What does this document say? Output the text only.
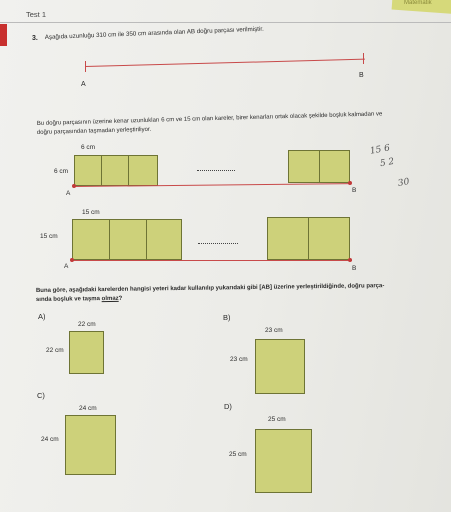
Matematik
Test 1
3. Aşağıda uzunluğu 310 cm ile 350 cm arasında olan AB doğru parçası verilmiştir.
A
B
Bu doğru parçasının üzerine kenar uzunlukları 6 cm ve 15 cm olan kareler, birer kenarları ortak olacak şekilde boşluk kalmadan ve
doğru parçasından taşmadan yerleştiriliyor.
6 cm
6 cm
A	B
15 6
5 2
30
15 cm
15 cm
A	B
Buna göre, aşağıdaki karelerden hangisi yeteri kadar kullanılıp yukarıdaki gibi [AB] üzerine yerleştirildiğinde, doğru parça-
sında boşluk ve taşma olmaz?
A)
22 cm
22 cm
B)
23 cm
23 cm
C)
24 cm
24 cm
D)
25 cm
25 cm
